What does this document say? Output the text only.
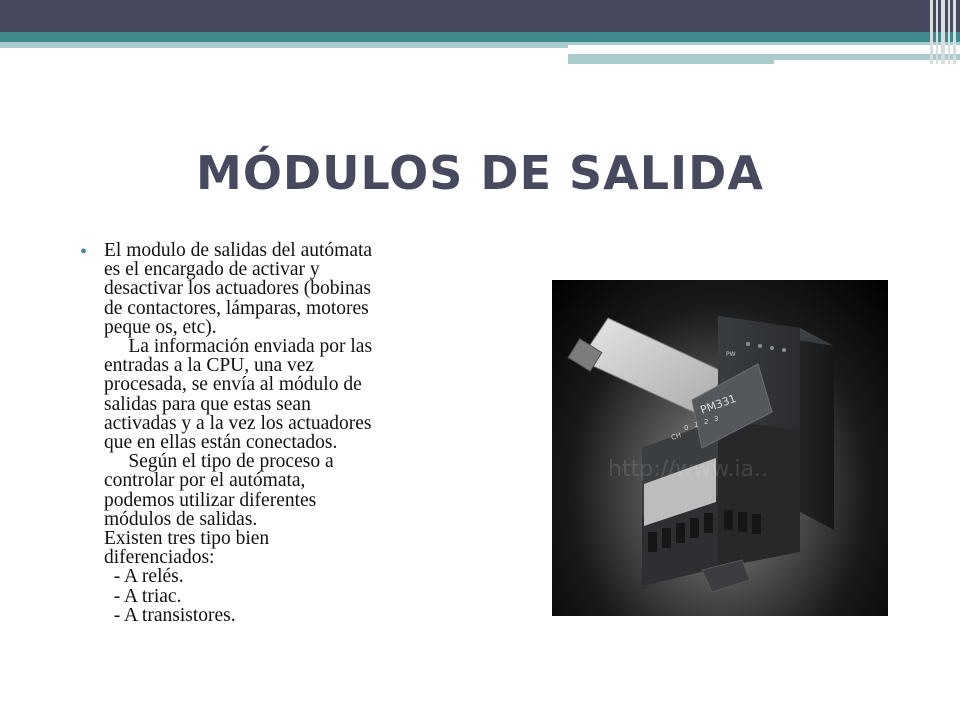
MÓDULOS DE SALIDA
• El modulo de salidas del autómata
es el encargado de activar y
desactivar los actuadores (bobinas
de contactores, lámparas, motores
peque os, etc).
La información enviada por las
entradas a la CPU, una vez
procesada, se envía al módulo de
salidas para que estas sean
activadas y a la vez los actuadores
que en ellas están conectados.
Según el tipo de proceso a
controlar por el autómata,
podemos utilizar diferentes
módulos de salidas.
Existen tres tipo bien
diferenciados:
- A relés.
- A triac.
- A transistores.
PW
PM331
CH
0 1 2 3
http://www.ia..
